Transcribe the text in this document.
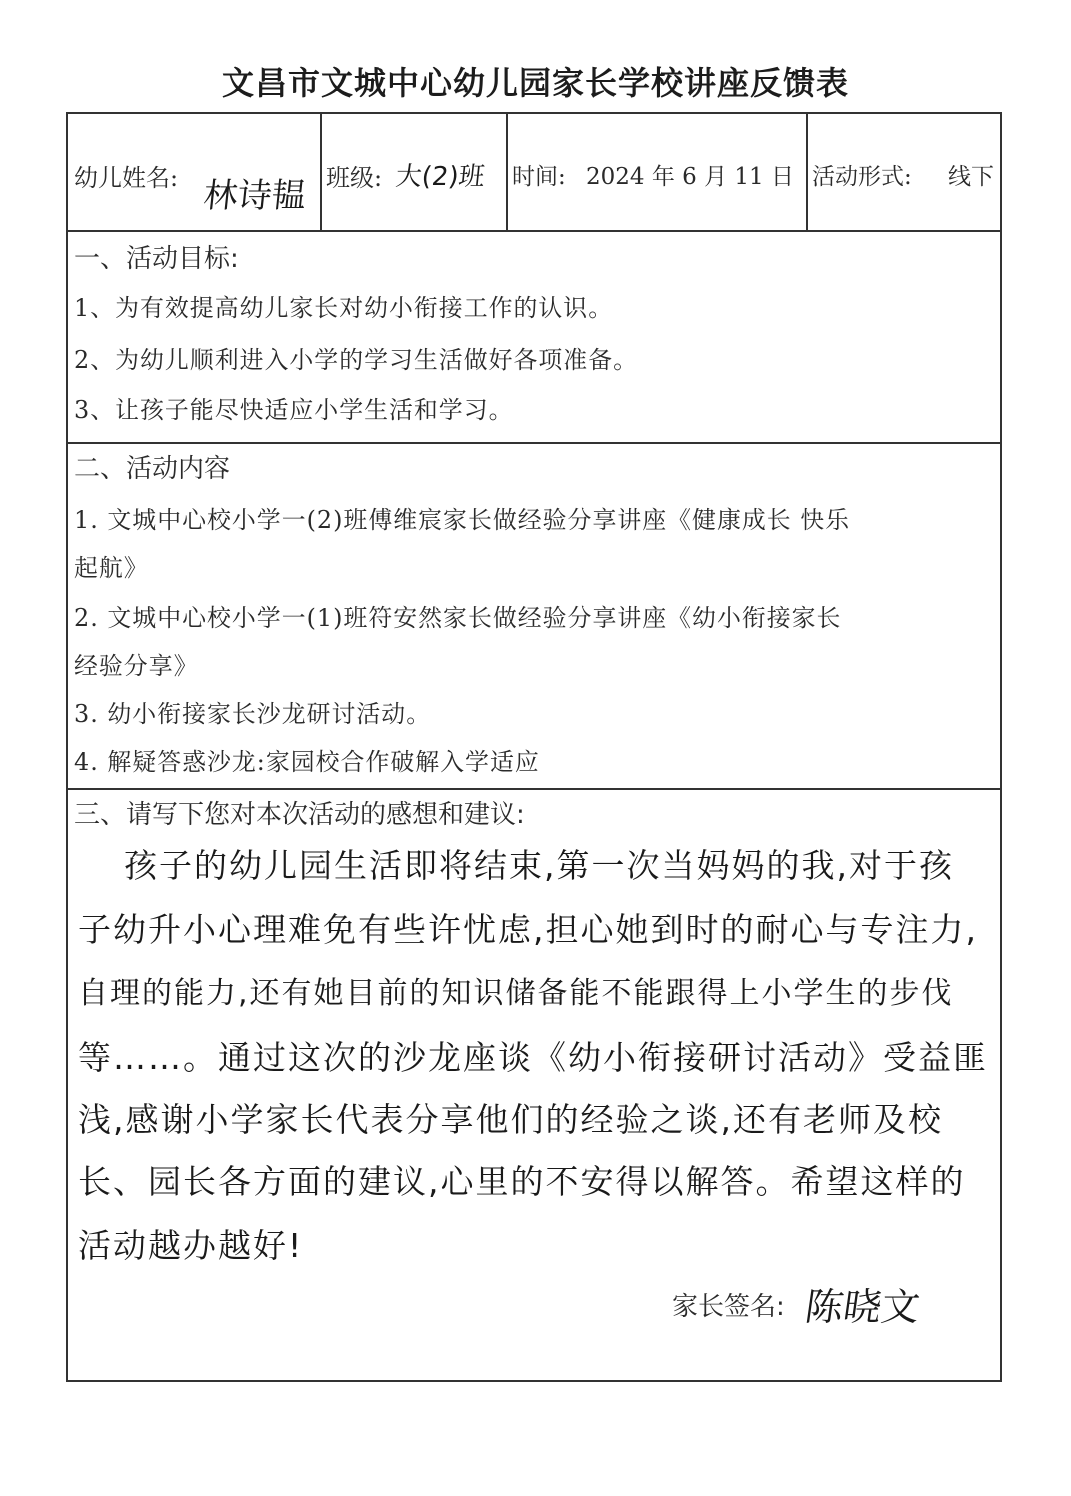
文昌市文城中心幼儿园家长学校讲座反馈表
幼儿姓名: 林诗韫 班级: 大(2)班 时间: 2024 年 6 月 11 日 活动形式: 线下
一、活动目标:
1、为有效提高幼儿家长对幼小衔接工作的认识。
2、为幼儿顺利进入小学的学习生活做好各项准备。
3、让孩子能尽快适应小学生活和学习。
二、活动内容
1. 文城中心校小学一(2)班傅维宸家长做经验分享讲座《健康成长 快乐
起航》
2. 文城中心校小学一(1)班符安然家长做经验分享讲座《幼小衔接家长
经验分享》
3. 幼小衔接家长沙龙研讨活动。
4. 解疑答惑沙龙:家园校合作破解入学适应
三、请写下您对本次活动的感想和建议:
孩子的幼儿园生活即将结束,第一次当妈妈的我,对于孩
子幼升小心理难免有些许忧虑,担心她到时的耐心与专注力,
自理的能力,还有她目前的知识储备能不能跟得上小学生的步伐
等……。通过这次的沙龙座谈《幼小衔接研讨活动》受益匪
浅,感谢小学家长代表分享他们的经验之谈,还有老师及校
长、园长各方面的建议,心里的不安得以解答。希望这样的
活动越办越好!
家长签名: 陈晓文
